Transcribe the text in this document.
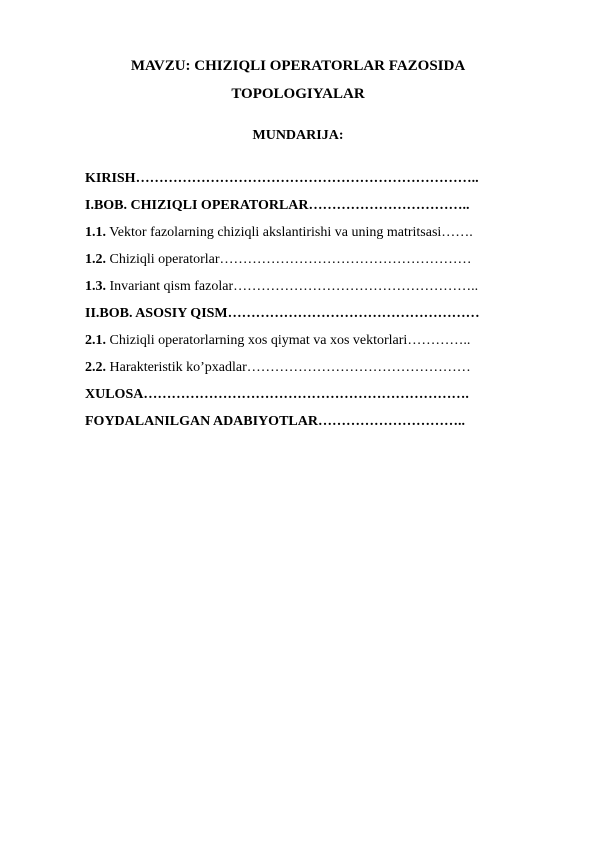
MAVZU: CHIZIQLI OPERATORLAR FAZOSIDA
TOPOLOGIYALAR
MUNDARIJA:
KIRISH………………………………………………………………..
I.BOB. CHIZIQLI OPERATORLAR……………………………..
1.1. Vektor fazolarning chiziqli akslantirishi va uning matritsasi…….
1.2. Chiziqli operatorlar………………………………………………
1.3. Invariant qism fazolar……………………………………………..
II.BOB. ASOSIY QISM………………………………………………
2.1. Chiziqli operatorlarning xos qiymat va xos vektorlari…………..
2.2. Harakteristik ko’pxadlar…………………………………………
XULOSA…………………………………………………………….
FOYDALANILGAN ADABIYOTLAR…………………………..
